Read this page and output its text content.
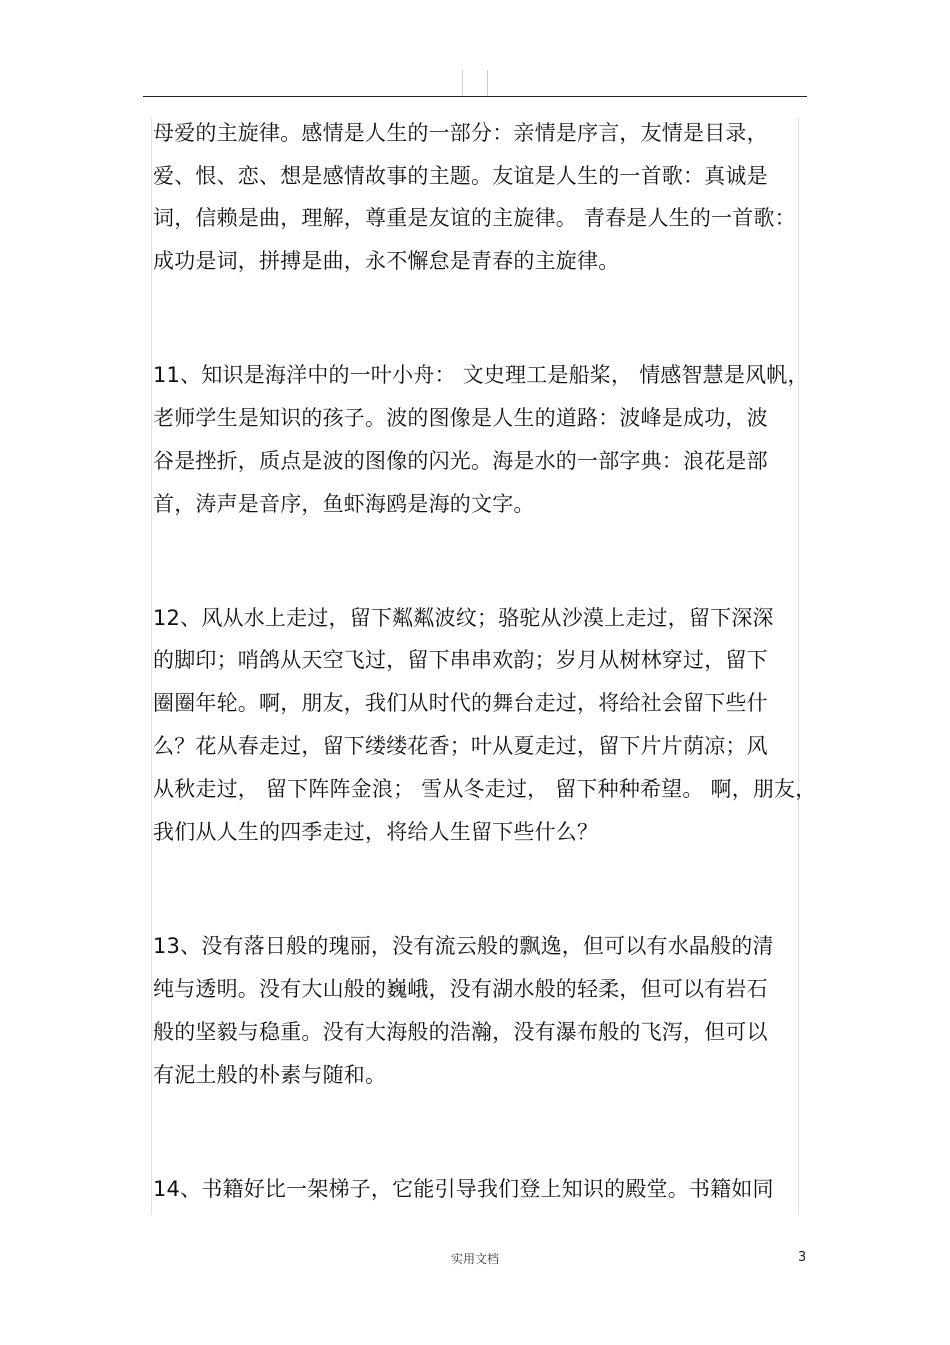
母爱的主旋律。感情是人生的一部分：亲情是序言，友情是目录，
爱、恨、恋、想是感情故事的主题。友谊是人生的一首歌：真诚是
词，信赖是曲，理解，尊重是友谊的主旋律。 青春是人生的一首歌：
成功是词，拼搏是曲，永不懈怠是青春的主旋律。
11、知识是海洋中的一叶小舟： 文史理工是船桨， 情感智慧是风帆，
老师学生是知识的孩子。波的图像是人生的道路：波峰是成功，波
谷是挫折，质点是波的图像的闪光。海是水的一部字典：浪花是部
首，涛声是音序，鱼虾海鸥是海的文字。
12、风从水上走过，留下粼粼波纹；骆驼从沙漠上走过，留下深深
的脚印；哨鸽从天空飞过，留下串串欢韵；岁月从树林穿过，留下
圈圈年轮。啊，朋友，我们从时代的舞台走过，将给社会留下些什
么？花从春走过，留下缕缕花香；叶从夏走过，留下片片荫凉；风
从秋走过， 留下阵阵金浪； 雪从冬走过， 留下种种希望。 啊，朋友，
我们从人生的四季走过，将给人生留下些什么？
13、没有落日般的瑰丽，没有流云般的飘逸，但可以有水晶般的清
纯与透明。没有大山般的巍峨，没有湖水般的轻柔，但可以有岩石
般的坚毅与稳重。没有大海般的浩瀚，没有瀑布般的飞泻，但可以
有泥土般的朴素与随和。
14、书籍好比一架梯子，它能引导我们登上知识的殿堂。书籍如同
实用文档	3
